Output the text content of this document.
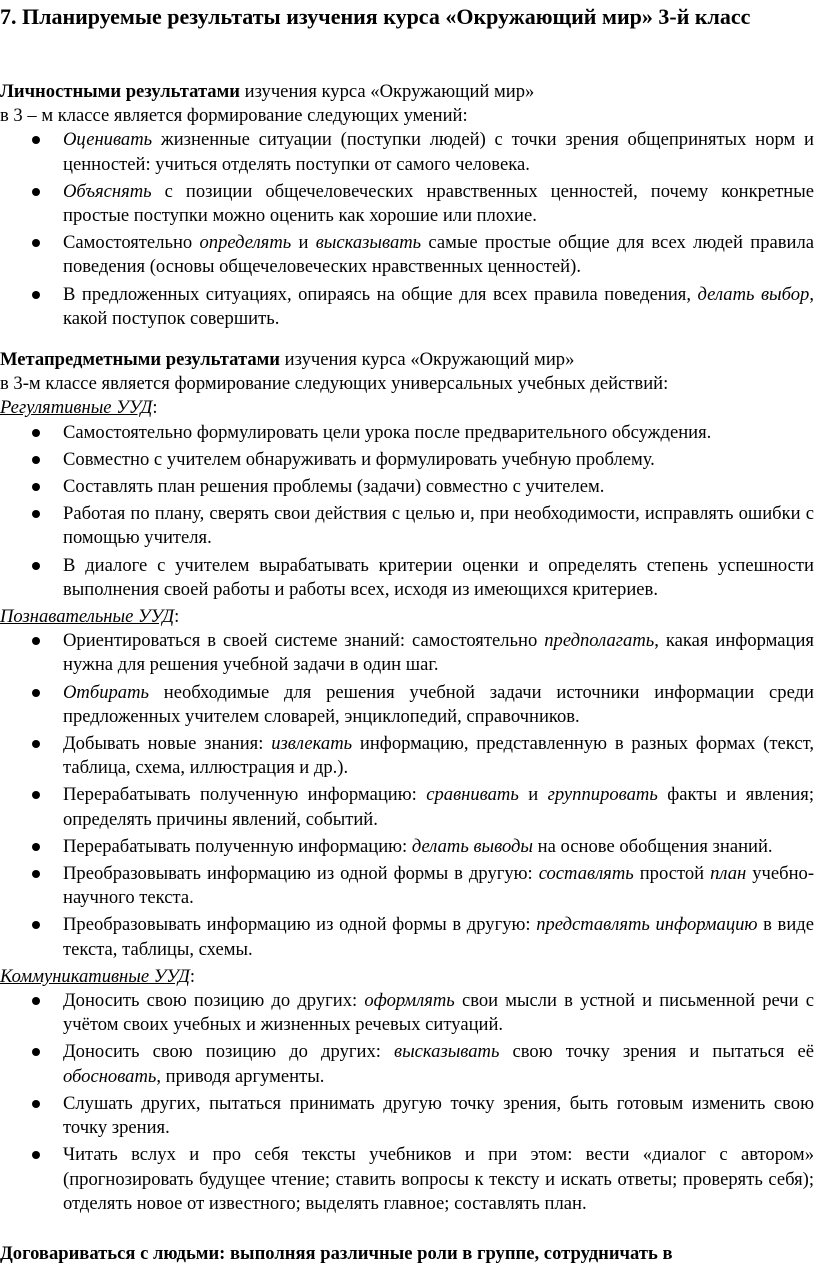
7. Планируемые результаты изучения курса «Окружающий мир» 3-й класс

Личностными результатами изучения курса «Окружающий мир»

в 3 – м классе является формирование следующих умений:

Оценивать жизненные ситуации (поступки людей) с точки зрения общепринятых норм и ценностей: учиться отделять поступки от самого человека.
Объяснять с позиции общечеловеческих нравственных ценностей, почему конкретные простые поступки можно оценить как хорошие или плохие.
Самостоятельно определять и высказывать самые простые общие для всех людей правила поведения (основы общечеловеческих нравственных ценностей).
В предложенных ситуациях, опираясь на общие для всех правила поведения, делать выбор, какой поступок совершить.

Метапредметными результатами изучения курса «Окружающий мир»

в 3-м классе является формирование следующих универсальных учебных действий:

Регулятивные УУД:

Самостоятельно формулировать цели урока после предварительного обсуждения.
Совместно с учителем обнаруживать и формулировать учебную проблему.
Составлять план решения проблемы (задачи) совместно с учителем.
Работая по плану, сверять свои действия с целью и, при необходимости, исправлять ошибки с помощью учителя.
В диалоге с учителем вырабатывать критерии оценки и определять степень успешности выполнения своей работы и работы всех, исходя из имеющихся критериев.

Познавательные УУД:

Ориентироваться в своей системе знаний: самостоятельно предполагать, какая информация нужна для решения учебной задачи в один шаг.
Отбирать необходимые для решения учебной задачи источники информации среди предложенных учителем словарей, энциклопедий, справочников.
Добывать новые знания: извлекать информацию, представленную в разных формах (текст, таблица, схема, иллюстрация и др.).
Перерабатывать полученную информацию: сравнивать и группировать факты и явления; определять причины явлений, событий.
Перерабатывать полученную информацию: делать выводы на основе обобщения знаний.
Преобразовывать информацию из одной формы в другую: составлять простой план учебно-научного текста.
Преобразовывать информацию из одной формы в другую: представлять информацию в виде текста, таблицы, схемы.

Коммуникативные УУД:

Доносить свою позицию до других: оформлять свои мысли в устной и письменной речи с учётом своих учебных и жизненных речевых ситуаций.
Доносить свою позицию до других: высказывать свою точку зрения и пытаться её обосновать, приводя аргументы.
Слушать других, пытаться принимать другую точку зрения, быть готовым изменить свою точку зрения.
Читать вслух и про себя тексты учебников и при этом: вести «диалог с автором» (прогнозировать будущее чтение; ставить вопросы к тексту и искать ответы; проверять себя); отделять новое от известного; выделять главное; составлять план.
Договариваться с людьми: выполняя различные роли в группе, сотрудничать в
